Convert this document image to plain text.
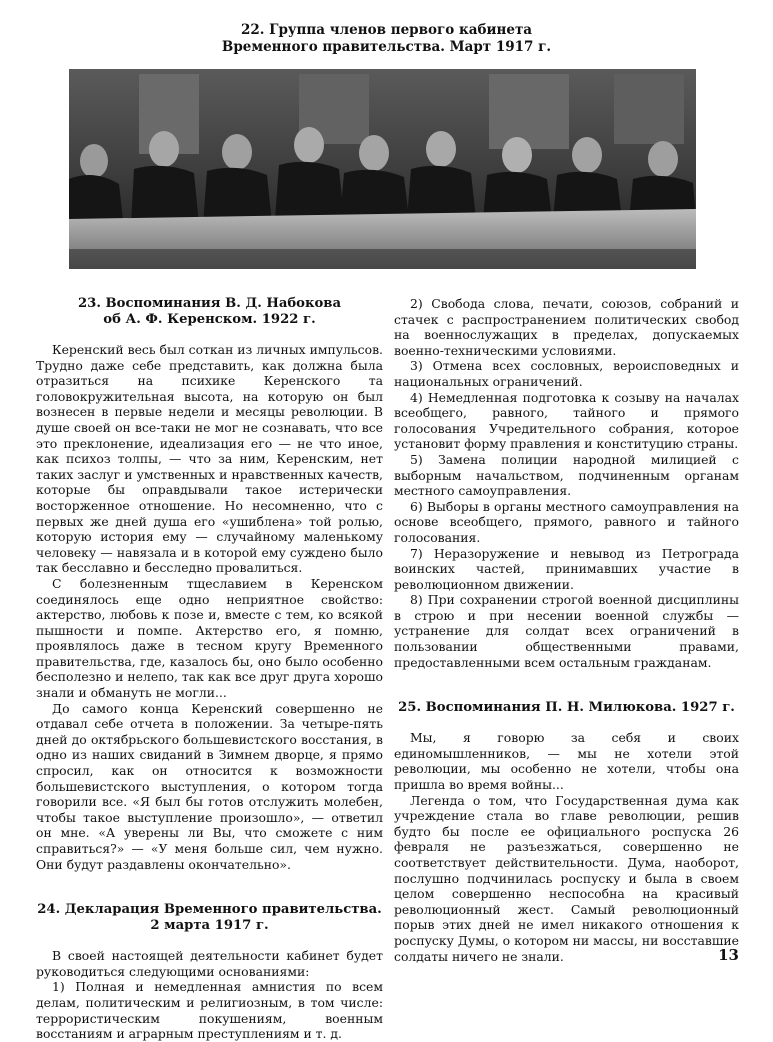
22. Группа членов первого кабинета
Временного правительства. Март 1917 г.
23. Воспоминания В. Д. Набокова
об А. Ф. Керенском. 1922 г.

Керенский весь был соткан из личных импульсов. Трудно даже себе представить, как должна была отразиться на психике Керенского та головокружительная высота, на которую он был вознесен в первые недели и месяцы революции. В душе своей он все-таки не мог не сознавать, что все это преклонение, идеализация его — не что иное, как психоз толпы, — что за ним, Керенским, нет таких заслуг и умственных и нравственных качеств, которые бы оправдывали такое истерически восторженное отношение. Но несомненно, что с первых же дней душа его «ушиблена» той ролью, которую история ему — случайному маленькому человеку — навязала и в которой ему суждено было так бесславно и бесследно провалиться.

С болезненным тщеславием в Керенском соединялось еще одно неприятное свойство: актерство, любовь к позе и, вместе с тем, ко всякой пышности и помпе. Актерство его, я помню, проявлялось даже в тесном кругу Временного правительства, где, казалось бы, оно было особенно бесполезно и нелепо, так как все друг друга хорошо знали и обмануть не могли...

До самого конца Керенский совершенно не отдавал себе отчета в положении. За четыре-пять дней до октябрьского большевистского восстания, в одно из наших свиданий в Зимнем дворце, я прямо спросил, как он относится к возможности большевистского выступления, о котором тогда говорили все. «Я был бы готов отслужить молебен, чтобы такое выступление произошло», — ответил он мне. «А уверены ли Вы, что сможете с ним справиться?» — «У меня больше сил, чем нужно. Они будут раздавлены окончательно».

24. Декларация Временного правительства.
2 марта 1917 г.

В своей настоящей деятельности кабинет будет руководиться следующими основаниями:

1) Полная и немедленная амнистия по всем делам, политическим и религиозным, в том числе: террористическим покушениям, военным восстаниям и аграрным преступлениям и т. д.

2) Свобода слова, печати, союзов, собраний и стачек с распространением политических свобод на военнослужащих в пределах, допускаемых военно-техническими условиями.

3) Отмена всех сословных, вероисповедных и национальных ограничений.

4) Немедленная подготовка к созыву на началах всеобщего, равного, тайного и прямого голосования Учредительного собрания, которое установит форму правления и конституцию страны.

5) Замена полиции народной милицией с выборным начальством, подчиненным органам местного самоуправления.

6) Выборы в органы местного самоуправления на основе всеобщего, прямого, равного и тайного голосования.

7) Неразоружение и невывод из Петрограда воинских частей, принимавших участие в революционном движении.

8) При сохранении строгой военной дисциплины в строю и при несении военной службы — устранение для солдат всех ограничений в пользовании общественными правами, предоставленными всем остальным гражданам.

25. Воспоминания П. Н. Милюкова. 1927 г.

Мы, я говорю за себя и своих единомышленников, — мы не хотели этой революции, мы особенно не хотели, чтобы она пришла во время войны...

Легенда о том, что Государственная дума как учреждение стала во главе революции, решив будто бы после ее официального роспуска 26 февраля не разъезжаться, совершенно не соответствует действительности. Дума, наоборот, послушно подчинилась роспуску и была в своем целом совершенно неспособна на красивый революционный жест. Самый революционный порыв этих дней не имел никакого отношения к роспуску Думы, о котором ни массы, ни восставшие солдаты ничего не знали.	13
